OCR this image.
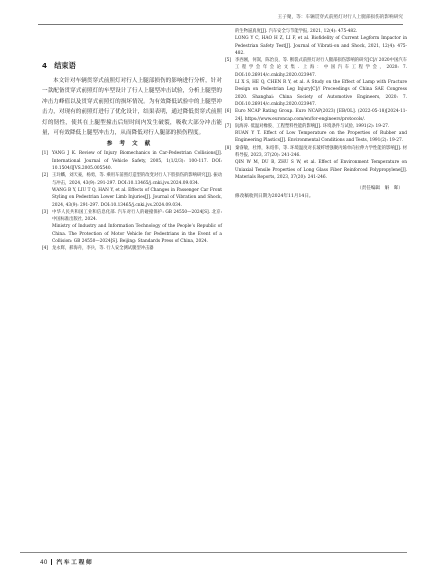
王子聚，等：车辆贯穿式前照灯对行人上腿部损伤的影响研究
4　结束语

本文针对车辆贯穿式前照灯对行人上腿部损伤的影响进行分析，针对一款配备贯穿式前照灯的车型设计了行人上腿型冲击试验，分析上腿型的冲击力峰值以及贯穿式前照灯的损坏情况。为有效降低试验中的上腿型冲击力，对现有的前照灯进行了优化设计，结果表明，通过降低贯穿式前照灯的韧性，使其在上腿型撞击后短时间内发生破裂，吸收大部分冲击能量，可有效降低上腿型冲击力，从而降低对行人腿部的损伤程度。

参考文献

[1] YANG J K. Review of Injury Biomechanics in Car-Pedestrian Collisions[J]. International Journal of Vehicle Safety, 2005, 1(1/2/3): 100-117. DOI: 10.1504/IJVS.2005.005540.

[2] 王玲麟，刘天豪，杨勇，等. 乘用车前照灯造型的改变对行人下肢损伤的影响研究[J]. 振动与冲击，2024, 43(9): 291-297. DOI:10.13465/j.cnki.jvs.2024.09.034.

WANG B Y, LIU T Q, HAN Y, et al. Effects of Changes in Passenger Car Front Styling on Pedestrian Lower Limb Injuries[J]. Journal of Vibration and Shock, 2024, 43(9): 291-297. DOI:10.13465/j.cnki.jvs.2024.09.034.

[3] 中华人民共和国工业和信息化部. 汽车对行人的碰撞保护: GB 24550—2024[S]. 北京: 中国标准出版社, 2024.

Ministry of Industry and Information Technology of the People’s Republic of China. The Protection of Motor Vehicle for Pedestrians in the Event of a Collision: GB 24550—2024[S]. Beijing: Standards Press of China, 2024.

[4] 龙永辉，郝海舟，李兵，等. 行人安全测试腿型冲击器

的生物逼真度[J]. 汽车安全与节能学报, 2021, 12(4): 475-482.

LONG Y C, HAO H Z, LI F, et al. Biofidelity of Current Legform Impactor in Pedestrian Safety Test[J]. Journal of Vibrati-on and Shock, 2021, 12(4): 475-482.

[5] 李西刚，何嵩，陈治良，等. 断裂式前照灯对行人腿部损伤影响的研究[C]// 2020中国汽车工程学会年会论文集. 上海：中国汽车工程学会，2020: 7. DOI:10.26914/c.cnkihy.2020.023947.

LI X S, HE Q, CHEN R Y, et al. A Study on the Effect of Lamp with Fracture Design on Pedestrian Leg Injury[C]// Proceedings of China SAE Congress 2020. Shanghai: China Society of Automotive Engineers, 2020: 7. DOI:10.26914/c.cnkihy.2020.023947.

[6] Euro NCAP Rating Group. Euro NCAP(2023) [EB/OL]. (2022-05-18)[2024-11-24]. https://www.euroncap.com/en/for-engineers/protocols/.

[7] 阮海涛. 低温对橡胶、工程塑料性能的影响[J]. 环境条件与试验, 1991(2): 19-27.

RUAN Y T. Effect of Low Temperature on the Properties of Rubber and Engineering Plastics[J]. Environmental Conditions and Tests, 1991(2): 19-27.

[8] 秦睿敏，杜博，朱绍伟，等. 环境温度对长玻纤增强聚丙烯单向拉伸力学性能的影响[J]. 材料导报, 2023, 37(20): 241-246.

QIN W M, DU B, ZHU S W, et al. Effect of Environment Temperature on Uniaxial Tensile Properties of Long Glass Fiber Reinforced Polypropylene[J]. Materials Reports, 2023, 37(20): 241-246.

（责任编辑　斛　晖）

修改稿收到日期为2024年11月14日。

40 汽车工程师
